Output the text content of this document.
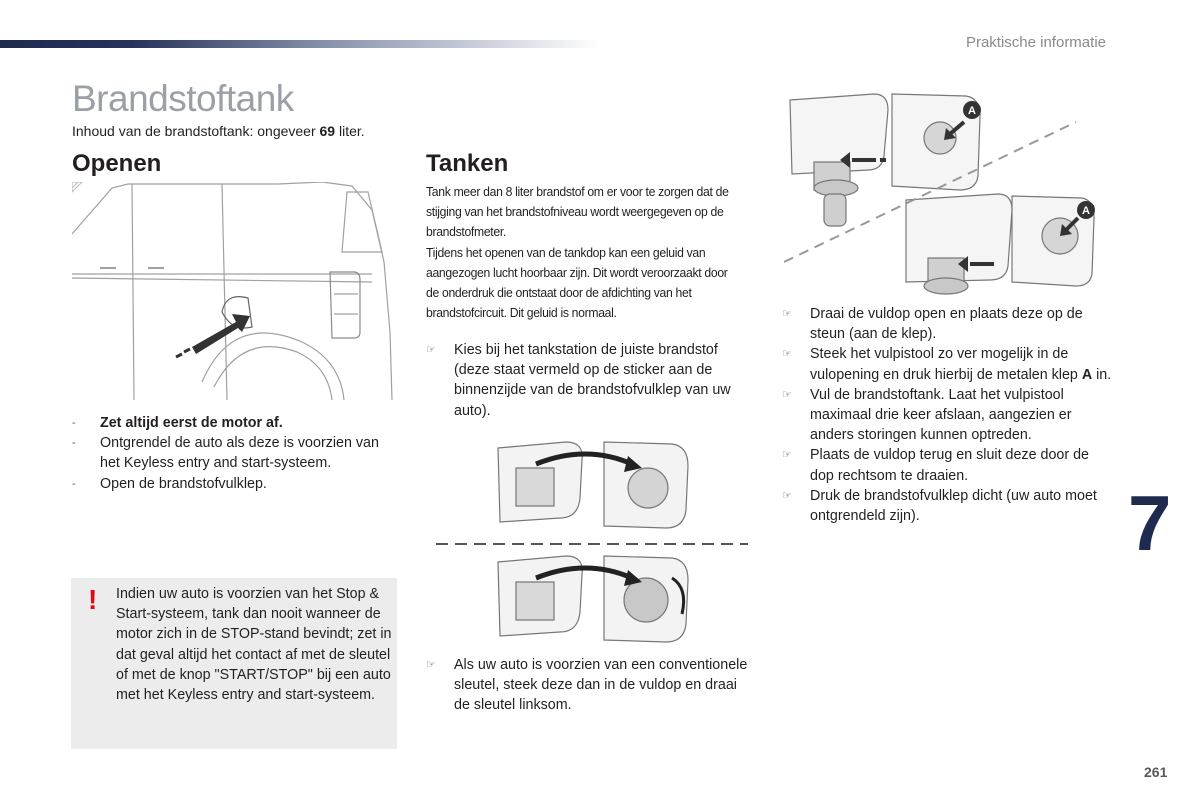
Praktische informatie
Brandstoftank
Inhoud van de brandstoftank: ongeveer 69 liter.
Openen	Tanken
- Zet altijd eerst de motor af.
- Ontgrendel de auto als deze is voorzien van het Keyless entry and start-systeem.
- Open de brandstofvulklep.
! Indien uw auto is voorzien van het Stop & Start-systeem, tank dan nooit wanneer de motor zich in de STOP-stand bevindt; zet in dat geval altijd het contact af met de sleutel of met de knop "START/STOP" bij een auto met het Keyless entry and start-systeem.

Tank meer dan 8 liter brandstof om er voor te zorgen dat de stijging van het brandstofniveau wordt weergegeven op de brandstofmeter.

Tijdens het openen van de tankdop kan een geluid van aangezogen lucht hoorbaar zijn. Dit wordt veroorzaakt door de onderdruk die ontstaat door de afdichting van het brandstofcircuit. Dit geluid is normaal.

☞ Kies bij het tankstation de juiste brandstof (deze staat vermeld op de sticker aan de binnenzijde van de brandstofvulklep van uw auto).
☞ Als uw auto is voorzien van een conventionele sleutel, steek deze dan in de vuldop en draai de sleutel linksom.
A
A
☞ Draai de vuldop open en plaats deze op de steun (aan de klep).
☞ Steek het vulpistool zo ver mogelijk in de vulopening en druk hierbij de metalen klep A in.
☞ Vul de brandstoftank. Laat het vulpistool maximaal drie keer afslaan, aangezien er anders storingen kunnen optreden.
☞ Plaats de vuldop terug en sluit deze door de dop rechtsom te draaien.
☞ Druk de brandstofvulklep dicht (uw auto moet ontgrendeld zijn).	7
261
